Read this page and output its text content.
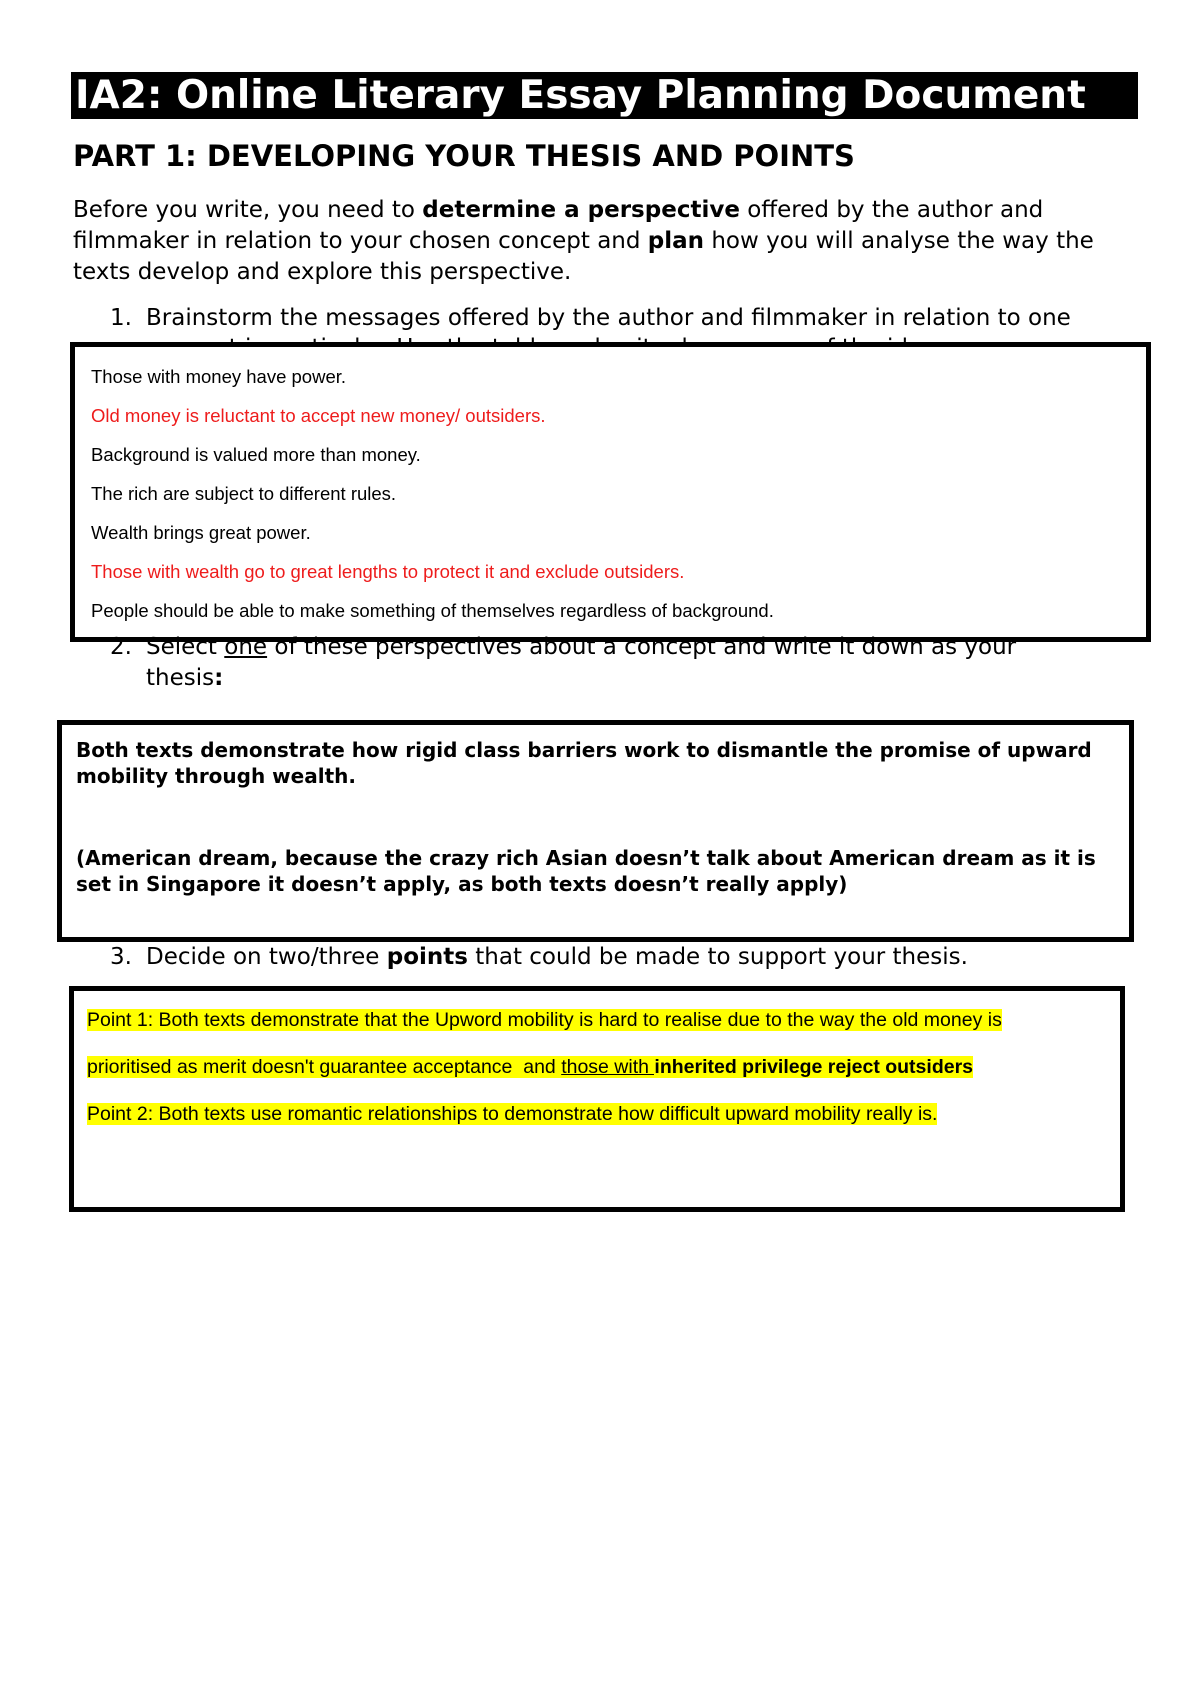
IA2: Online Literary Essay Planning Document
PART 1: DEVELOPING YOUR THESIS AND POINTS
Before you write, you need to determine a perspective offered by the author and filmmaker in relation to your chosen concept and plan how you will analyse the way the texts develop and explore this perspective.
1. Brainstorm the messages offered by the author and filmmaker in relation to one
Those with money have power.
Old money is reluctant to accept new money/ outsiders.
Background is valued more than money.
The rich are subject to different rules.
Wealth brings great power.
Those with wealth go to great lengths to protect it and exclude outsiders.
People should be able to make something of themselves regardless of background.
2. Select one of these perspectives about a concept and write it down as your
thesis:

Both texts demonstrate how rigid class barriers work to dismantle the promise of upward mobility through wealth.

(American dream, because the crazy rich Asian doesn’t talk about American dream as it is set in Singapore it doesn’t apply, as both texts doesn’t really apply)

3. Decide on two/three points that could be made to support your thesis.
Point 1: Both texts demonstrate that the Upword mobility is hard to realise due to the way the old money is
prioritised as merit doesn't guarantee acceptance and those with inherited privilege reject outsiders
Point 2: Both texts use romantic relationships to demonstrate how difficult upward mobility really is.
